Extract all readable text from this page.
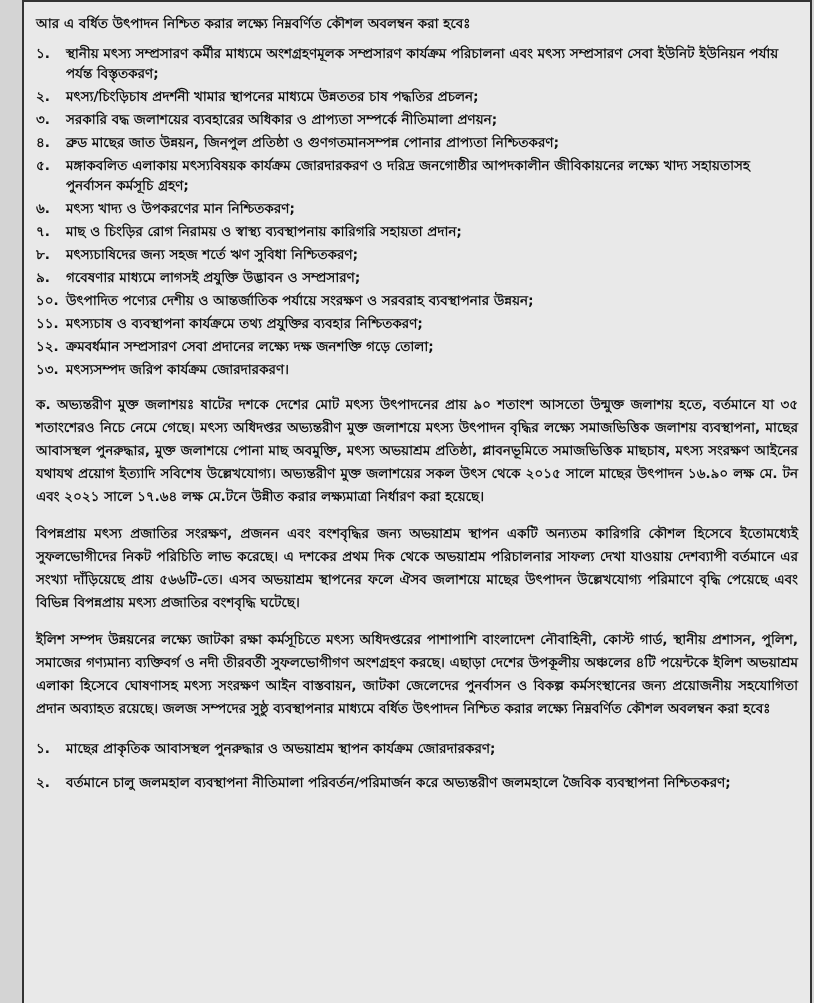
আর এ বর্ধিত উৎপাদন নিশ্চিত করার লক্ষ্যে নিম্নবর্ণিত কৌশল অবলম্বন করা হবেঃ

১.	স্থানীয় মৎস্য সম্প্রসারণ কর্মীর মাধ্যমে অংশগ্রহণমূলক সম্প্রসারণ কার্যক্রম পরিচালনা এবং মৎস্য সম্প্রসারণ সেবা ইউনিট ইউনিয়ন পর্যায় পর্যন্ত বিস্তৃতকরণ;
২.	মৎস্য/চিংড়িচাষ প্রদর্শনী খামার স্থাপনের মাধ্যমে উন্নততর চাষ পদ্ধতির প্রচলন;
৩.	সরকারি বদ্ধ জলাশয়ের ব্যবহারের অধিকার ও প্রাপ্যতা সম্পর্কে নীতিমালা প্রণয়ন;
৪.	ব্রুড মাছের জাত উন্নয়ন, জিনপুল প্রতিষ্ঠা ও গুণগতমানসম্পন্ন পোনার প্রাপ্যতা নিশ্চিতকরণ;
৫.	মঙ্গাকবলিত এলাকায় মৎস্যবিষয়ক কার্যক্রম জোরদারকরণ ও দরিদ্র জনগোষ্ঠীর আপদকালীন জীবিকায়নের লক্ষ্যে খাদ্য সহায়তাসহ পুনর্বাসন কর্মসূচি গ্রহণ;
৬.	মৎস্য খাদ্য ও উপকরণের মান নিশ্চিতকরণ;
৭.	মাছ ও চিংড়ির রোগ নিরাময় ও স্বাস্থ্য ব্যবস্থাপনায় কারিগরি সহায়তা প্রদান;
৮.	মৎস্যচাষিদের জন্য সহজ শর্তে ঋণ সুবিধা নিশ্চিতকরণ;
৯.	গবেষণার মাধ্যমে লাগসই প্রযুক্তি উদ্ভাবন ও সম্প্রসারণ;
১০. উৎপাদিত পণ্যের দেশীয় ও আন্তর্জাতিক পর্যায়ে সংরক্ষণ ও সরবরাহ ব্যবস্থাপনার উন্নয়ন;
১১. মৎস্যচাষ ও ব্যবস্থাপনা কার্যক্রমে তথ্য প্রযুক্তির ব্যবহার নিশ্চিতকরণ;
১২. ক্রমবর্ধমান সম্প্রসারণ সেবা প্রদানের লক্ষ্যে দক্ষ জনশক্তি গড়ে তোলা;
১৩. মৎস্যসম্পদ জরিপ কার্যক্রম জোরদারকরণ।

ক. অভ্যন্তরীণ মুক্ত জলাশয়ঃ ষাটের দশকে দেশের মোট মৎস্য উৎপাদনের প্রায় ৯০ শতাংশ আসতো উন্মুক্ত জলাশয় হতে, বর্তমানে যা ৩৫ শতাংশেরও নিচে নেমে গেছে। মৎস্য অধিদপ্তর অভ্যন্তরীণ মুক্ত জলাশয়ে মৎস্য উৎপাদন বৃদ্ধির লক্ষ্যে সমাজভিত্তিক জলাশয় ব্যবস্থাপনা, মাছের আবাসস্থল পুনরুদ্ধার, মুক্ত জলাশয়ে পোনা মাছ অবমুক্তি, মৎস্য অভয়াশ্রম প্রতিষ্ঠা, প্লাবনভূমিতে সমাজভিত্তিক মাছচাষ, মৎস্য সংরক্ষণ আইনের যথাযথ প্রয়োগ ইত্যাদি সবিশেষ উল্লেখযোগ্য। অভ্যন্তরীণ মুক্ত জলাশয়ের সকল উৎস থেকে ২০১৫ সালে মাছের উৎপাদন ১৬.৯০ লক্ষ মে. টন এবং ২০২১ সালে ১৭.৬৪ লক্ষ মে.টনে উন্নীত করার লক্ষ্যমাত্রা নির্ধারণ করা হয়েছে।

বিপন্নপ্রায় মৎস্য প্রজাতির সংরক্ষণ, প্রজনন এবং বংশবৃদ্ধির জন্য অভয়াশ্রম স্থাপন একটি অন্যতম কারিগরি কৌশল হিসেবে ইতোমধ্যেই সুফলভোগীদের নিকট পরিচিতি লাভ করেছে। এ দশকের প্রথম দিক থেকে অভয়াশ্রম পরিচালনার সাফল্য দেখা যাওয়ায় দেশব্যাপী বর্তমানে এর সংখ্যা দাঁড়িয়েছে প্রায় ৫৬৬টি-তে। এসব অভয়াশ্রম স্থাপনের ফলে ঐসব জলাশয়ে মাছের উৎপাদন উল্লেখযোগ্য পরিমাণে বৃদ্ধি পেয়েছে এবং বিভিন্ন বিপন্নপ্রায় মৎস্য প্রজাতির বংশবৃদ্ধি ঘটেছে।

ইলিশ সম্পদ উন্নয়নের লক্ষ্যে জাটকা রক্ষা কর্মসূচিতে মৎস্য অধিদপ্তরের পাশাপাশি বাংলাদেশ নৌবাহিনী, কোস্ট গার্ড, স্থানীয় প্রশাসন, পুলিশ, সমাজের গণ্যমান্য ব্যক্তিবর্গ ও নদী তীরবর্তী সুফলভোগীগণ অংশগ্রহণ করছে। এছাড়া দেশের উপকূলীয় অঞ্চলের ৪টি পয়েন্টকে ইলিশ অভয়াশ্রম এলাকা হিসেবে ঘোষণাসহ মৎস্য সংরক্ষণ আইন বাস্তবায়ন, জাটকা জেলেদের পুনর্বাসন ও বিকল্প কর্মসংস্থানের জন্য প্রয়োজনীয় সহযোগিতা প্রদান অব্যাহত রয়েছে। জলজ সম্পদের সুষ্ঠু ব্যবস্থাপনার মাধ্যমে বর্ধিত উৎপাদন নিশ্চিত করার লক্ষ্যে নিম্নবর্ণিত কৌশল অবলম্বন করা হবেঃ

১.	মাছের প্রাকৃতিক আবাসস্থল পুনরুদ্ধার ও অভয়াশ্রম স্থাপন কার্যক্রম জোরদারকরণ;
২.	বর্তমানে চালু জলমহাল ব্যবস্থাপনা নীতিমালা পরিবর্তন/পরিমার্জন করে অভ্যন্তরীণ জলমহালে জৈবিক ব্যবস্থাপনা নিশ্চিতকরণ;
